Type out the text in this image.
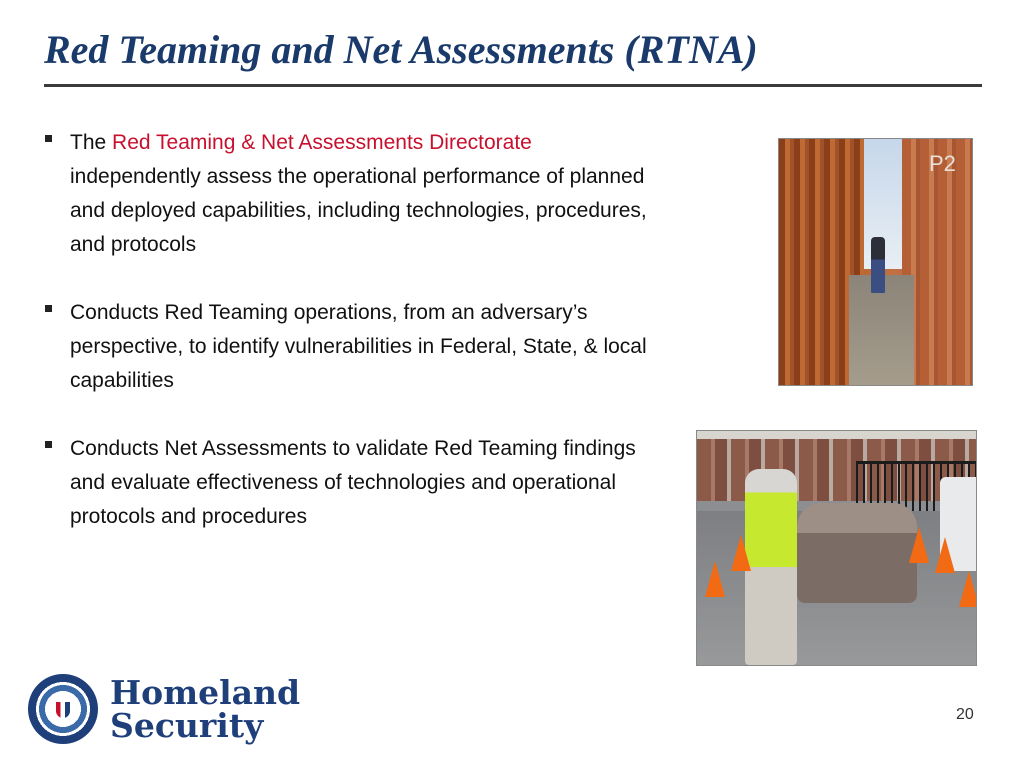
Red Teaming and Net Assessments (RTNA)
The Red Teaming & Net Assessments Directorate independently assess the operational performance of planned and deployed capabilities, including technologies, procedures, and protocols
Conducts Red Teaming operations, from an adversary’s perspective, to identify vulnerabilities in Federal, State, & local capabilities
Conducts Net Assessments to validate Red Teaming findings and evaluate effectiveness of technologies and operational protocols and procedures
P2
Homeland
Security	20
